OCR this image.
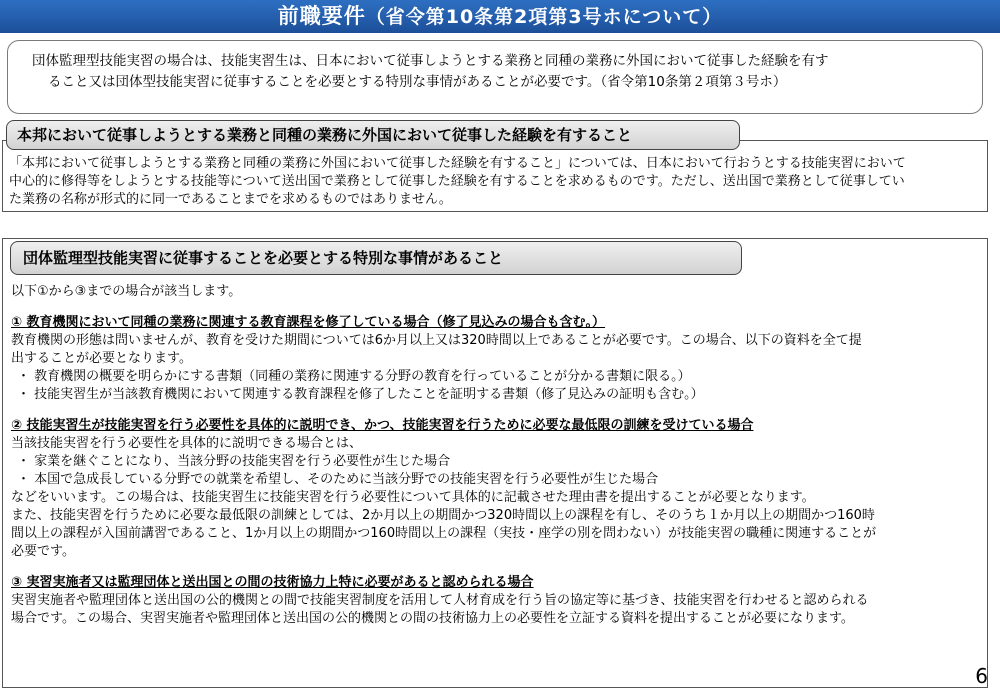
前職要件（省令第10条第2項第3号ホについて）

団体監理型技能実習の場合は、技能実習生は、日本において従事しようとする業務と同種の業務に外国において従事した経験を有す

ること又は団体型技能実習に従事することを必要とする特別な事情があることが必要です。（省令第10条第２項第３号ホ）

「本邦において従事しようとする業務と同種の業務に外国において従事した経験を有すること」については、日本において行おうとする技能実習において

中心的に修得等をしようとする技能等について送出国で業務として従事した経験を有することを求めるものです。ただし、送出国で業務として従事してい

た業務の名称が形式的に同一であることまでを求めるものではありません。

本邦において従事しようとする業務と同種の業務に外国において従事した経験を有すること

以下①から③までの場合が該当します。

① 教育機関において同種の業務に関連する教育課程を修了している場合（修了見込みの場合も含む。）

教育機関の形態は問いませんが、教育を受けた期間については6か月以上又は320時間以上であることが必要です。この場合、以下の資料を全て提

出することが必要となります。

・ 教育機関の概要を明らかにする書類（同種の業務に関連する分野の教育を行っていることが分かる書類に限る。）

・ 技能実習生が当該教育機関において関連する教育課程を修了したことを証明する書類（修了見込みの証明も含む。）

② 技能実習生が技能実習を行う必要性を具体的に説明でき、かつ、技能実習を行うために必要な最低限の訓練を受けている場合

当該技能実習を行う必要性を具体的に説明できる場合とは、

・ 家業を継ぐことになり、当該分野の技能実習を行う必要性が生じた場合

・ 本国で急成長している分野での就業を希望し、そのために当該分野での技能実習を行う必要性が生じた場合

などをいいます。この場合は、技能実習生に技能実習を行う必要性について具体的に記載させた理由書を提出することが必要となります。

また、技能実習を行うために必要な最低限の訓練としては、2か月以上の期間かつ320時間以上の課程を有し、そのうち１か月以上の期間かつ160時

間以上の課程が入国前講習であること、1か月以上の期間かつ160時間以上の課程（実技・座学の別を問わない）が技能実習の職種に関連することが

必要です。

③ 実習実施者又は監理団体と送出国との間の技術協力上特に必要があると認められる場合

実習実施者や監理団体と送出国の公的機関との間で技能実習制度を活用して人材育成を行う旨の協定等に基づき、技能実習を行わせると認められる

場合です。この場合、実習実施者や監理団体と送出国の公的機関との間の技術協力上の必要性を立証する資料を提出することが必要になります。

団体監理型技能実習に従事することを必要とする特別な事情があること
6
